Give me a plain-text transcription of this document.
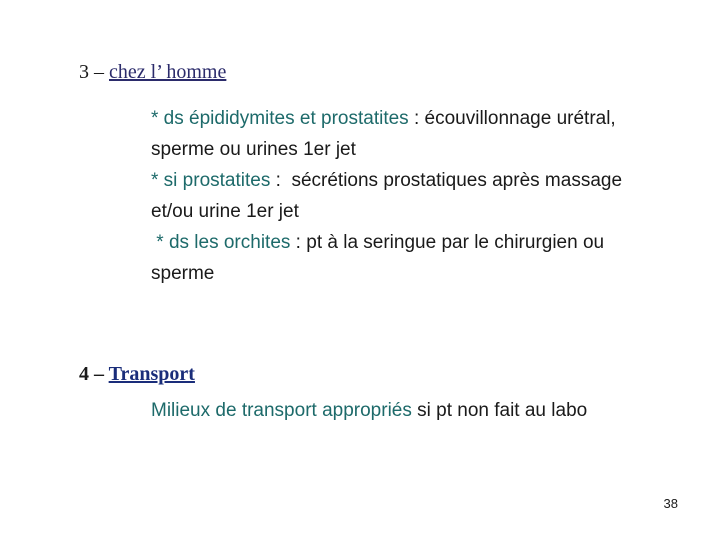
3 – chez l’ homme
* ds épididymites et prostatites : écouvillonnage urétral, sperme ou urines 1er jet
* si prostatites :  sécrétions prostatiques après massage et/ou urine 1er jet
* ds les orchites : pt à la seringue par le chirurgien ou sperme
4 – Transport
Milieux de transport appropriés si pt non fait au labo
38
